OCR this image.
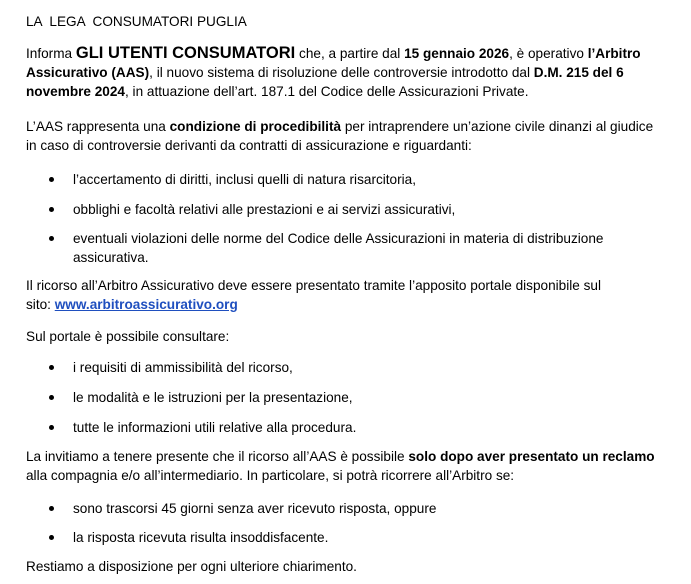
LA  LEGA  CONSUMATORI PUGLIA
Informa GLI UTENTI CONSUMATORI che, a partire dal 15 gennaio 2026, è operativo l’Arbitro Assicurativo (AAS), il nuovo sistema di risoluzione delle controversie introdotto dal D.M. 215 del 6 novembre 2024, in attuazione dell’art. 187.1 del Codice delle Assicurazioni Private.
L’AAS rappresenta una condizione di procedibilità per intraprendere un’azione civile dinanzi al giudice in caso di controversie derivanti da contratti di assicurazione e riguardanti:
l’accertamento di diritti, inclusi quelli di natura risarcitoria,
obblighi e facoltà relativi alle prestazioni e ai servizi assicurativi,
eventuali violazioni delle norme del Codice delle Assicurazioni in materia di distribuzione assicurativa.
Il ricorso all’Arbitro Assicurativo deve essere presentato tramite l’apposito portale disponibile sul sito: www.arbitroassicurativo.org
Sul portale è possibile consultare:
i requisiti di ammissibilità del ricorso,
le modalità e le istruzioni per la presentazione,
tutte le informazioni utili relative alla procedura.
La invitiamo a tenere presente che il ricorso all’AAS è possibile solo dopo aver presentato un reclamo alla compagnia e/o all’intermediario. In particolare, si potrà ricorrere all’Arbitro se:
sono trascorsi 45 giorni senza aver ricevuto risposta, oppure
la risposta ricevuta risulta insoddisfacente.
Restiamo a disposizione per ogni ulteriore chiarimento.
